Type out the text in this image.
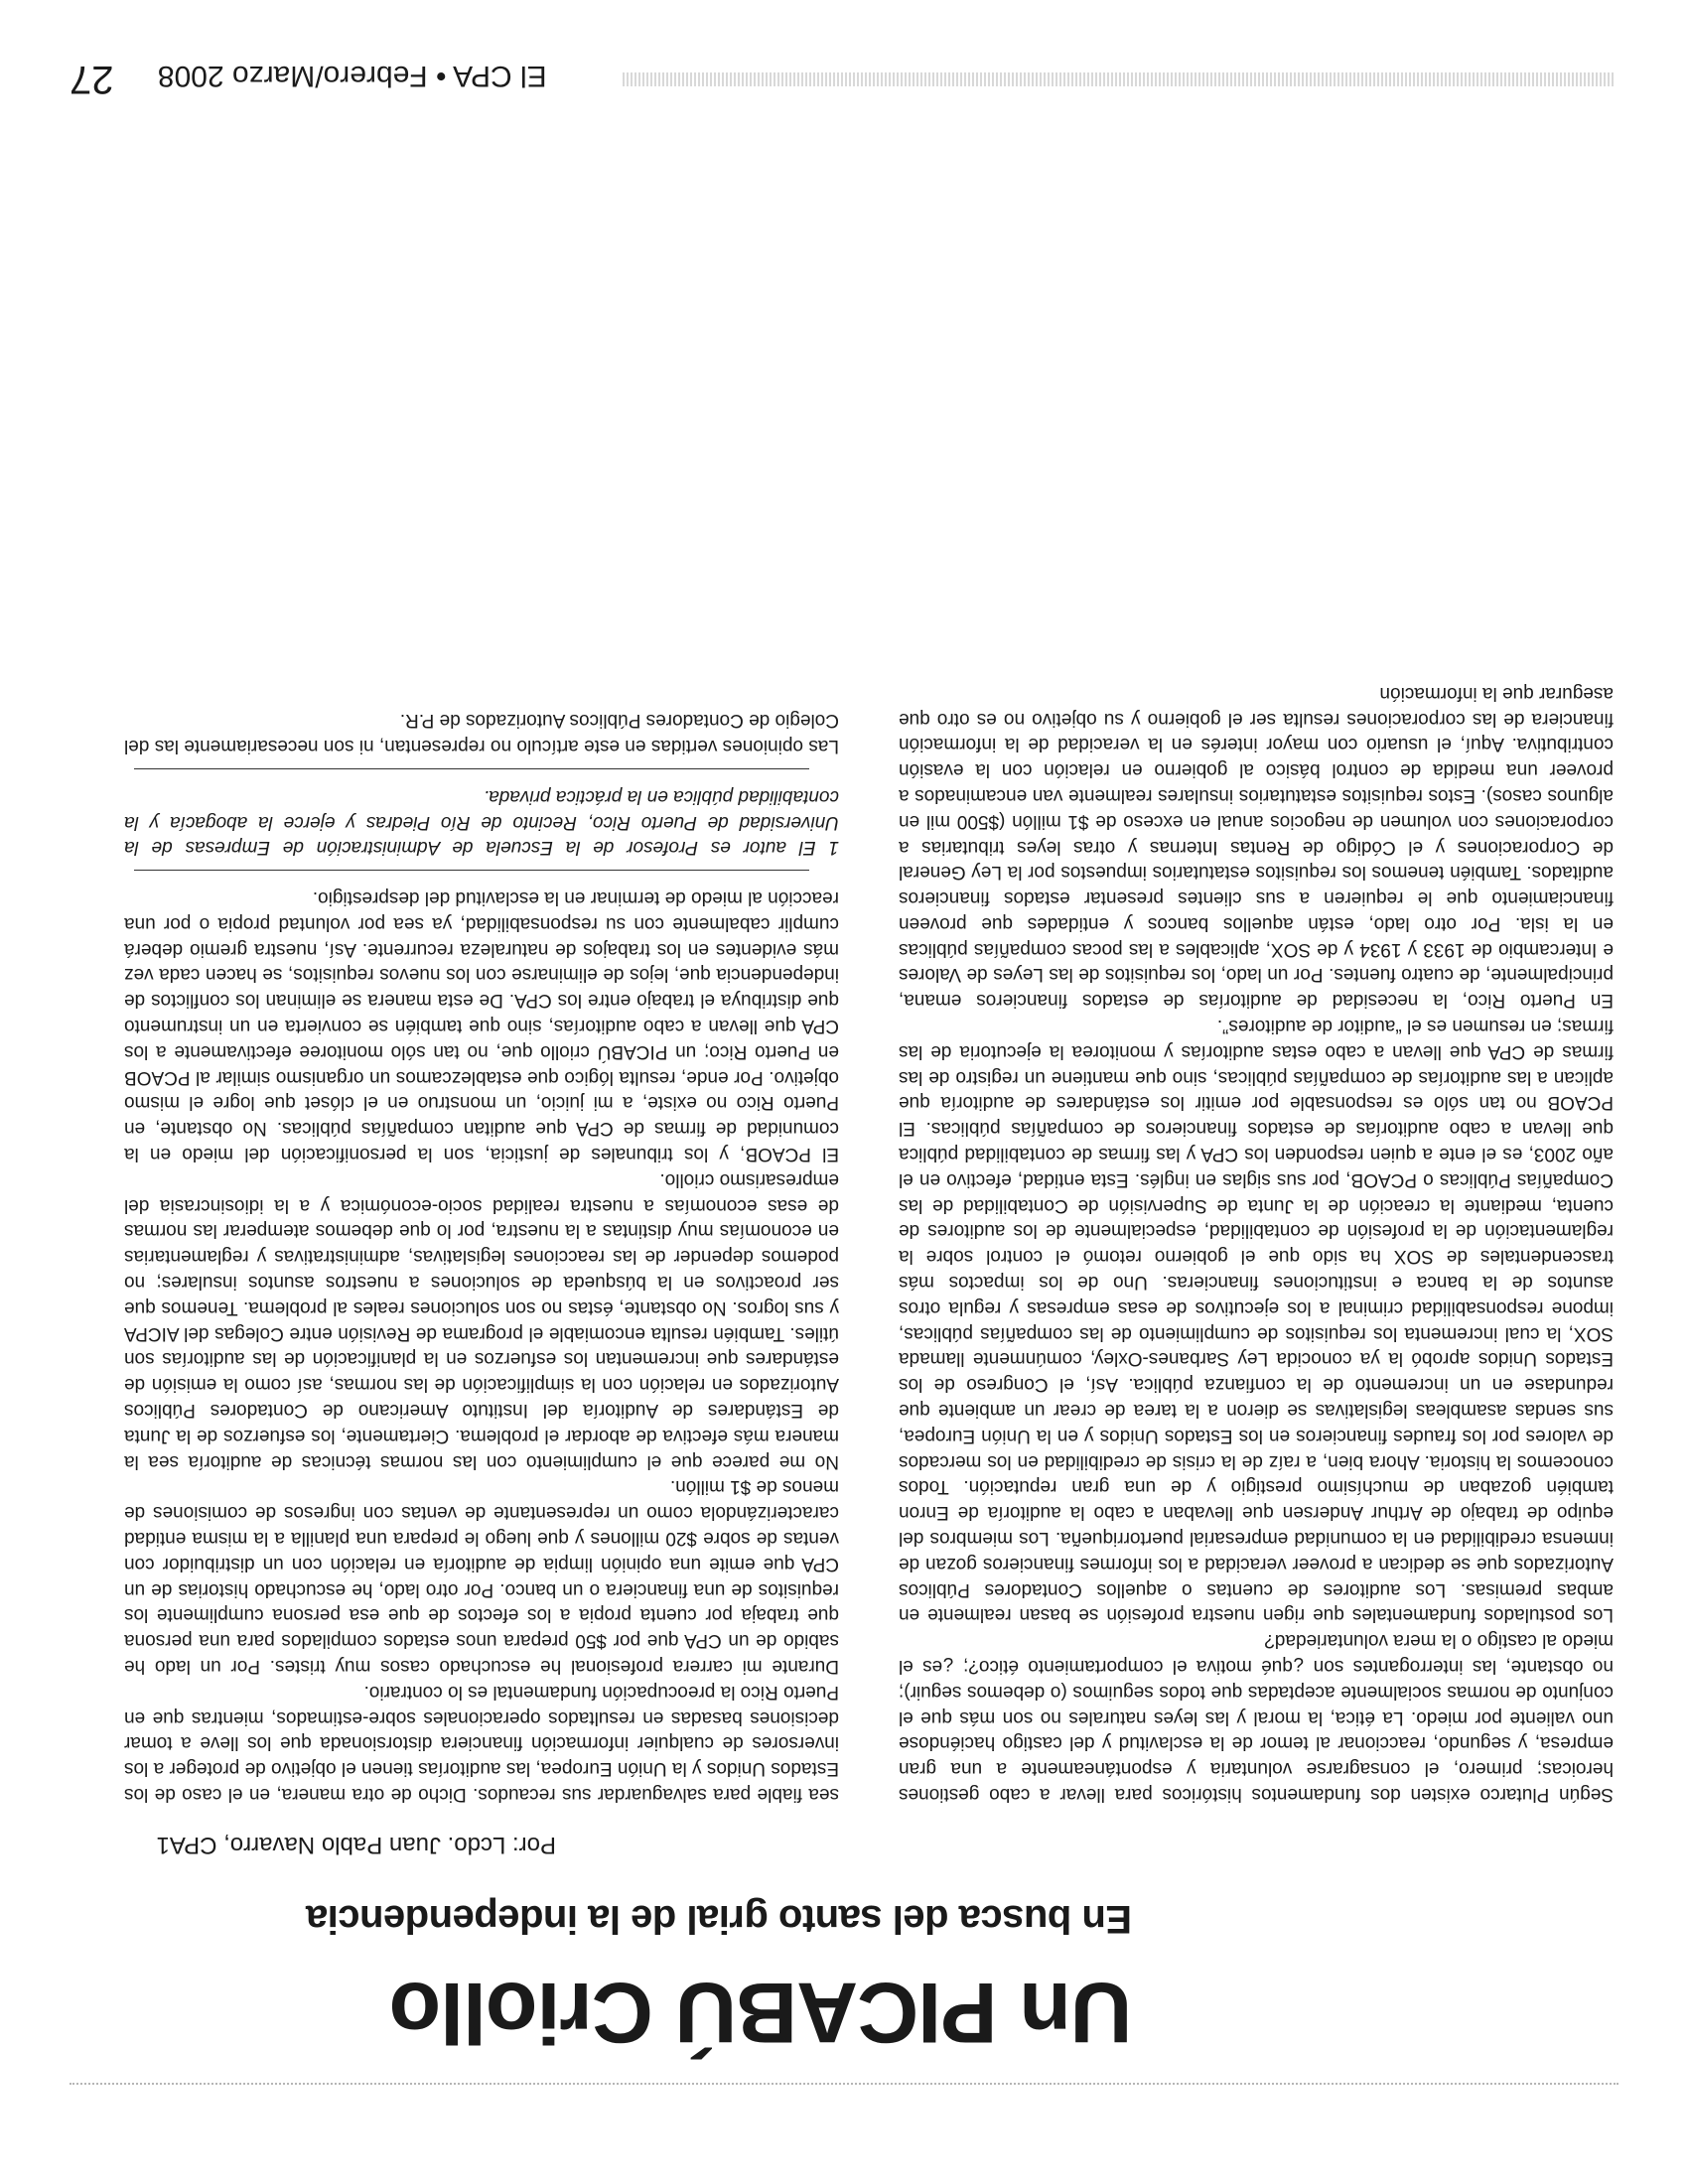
Un PICABÚ Criollo
En busca del santo grial de la independencia
Por: Lcdo. Juan Pablo Navarro, CPA1

Según Plutarco existen dos fundamentos históricos para llevar a cabo gestiones heroicas; primero, el consagrarse voluntaria y espontáneamente a una gran empresa, y segundo, reaccionar al temor de la esclavitud y del castigo haciéndose uno valiente por miedo. La ética, la moral y las leyes naturales no son más que el conjunto de normas socialmente aceptadas que todos seguimos (o debemos seguir); no obstante, las interrogantes son ¿qué motiva el comportamiento ético?; ¿es el miedo al castigo o la mera voluntariedad?

Los postulados fundamentales que rigen nuestra profesión se basan realmente en ambas premisas. Los auditores de cuentas o aquellos Contadores Públicos Autorizados que se dedican a proveer veracidad a los informes financieros gozan de inmensa credibilidad en la comunidad empresarial puertorriqueña. Los miembros del equipo de trabajo de Arthur Andersen que llevaban a cabo la auditoría de Enron también gozaban de muchísimo prestigio y de una gran reputación. Todos conocemos la historia. Ahora bien, a raíz de la crisis de credibilidad en los mercados de valores por los fraudes financieros en los Estados Unidos y en la Unión Europea, sus sendas asambleas legislativas se dieron a la tarea de crear un ambiente que redundase en un incremento de la confianza pública. Así, el Congreso de los Estados Unidos aprobó la ya conocida Ley Sarbanes-Oxley, comúnmente llamada SOX, la cual incrementa los requisitos de cumplimiento de las compañías públicas, impone responsabilidad criminal a los ejecutivos de esas empresas y regula otros asuntos de la banca e instituciones financieras. Uno de los impactos más trascendentales de SOX ha sido que el gobierno retomó el control sobre la reglamentación de la profesión de contabilidad, especialmente de los auditores de cuenta, mediante la creación de la Junta de Supervisión de Contabilidad de las Compañías Públicas o PCAOB, por sus siglas en inglés. Esta entidad, efectivo en el año 2003, es el ente a quien responden los CPA y las firmas de contabilidad pública que llevan a cabo auditorías de estados financieros de compañías públicas. El PCAOB no tan sólo es responsable por emitir los estándares de auditoría que aplican a las auditorías de compañías públicas, sino que mantiene un registro de las firmas de CPA que llevan a cabo estas auditorías y monitorea la ejecutoria de las firmas; en resumen es el “auditor de auditores”.

En Puerto Rico, la necesidad de auditorías de estados financieros emana, principalmente, de cuatro fuentes. Por un lado, los requisitos de las Leyes de Valores e Intercambio de 1933 y 1934 y de SOX, aplicables a las pocas compañías públicas en la isla. Por otro lado, están aquellos bancos y entidades que proveen financiamiento que le requieren a sus clientes presentar estados financieros auditados. También tenemos los requisitos estatutarios impuestos por la Ley General de Corporaciones y el Código de Rentas Internas y otras leyes tributarias a corporaciones con volumen de negocios anual en exceso de $1 millón ($500 mil en algunos casos). Estos requisitos estatutarios insulares realmente van encaminados a proveer una medida de control básico al gobierno en relación con la evasión contributiva. Aquí, el usuario con mayor interés en la veracidad de la información financiera de las corporaciones resulta ser el gobierno y su objetivo no es otro que asegurar que la información

sea fiable para salvaguardar sus recaudos. Dicho de otra manera, en el caso de los Estados Unidos y la Unión Europea, las auditorías tienen el objetivo de proteger a los inversores de cualquier información financiera distorsionada que los lleve a tomar decisiones basadas en resultados operacionales sobre-estimados, mientras que en Puerto Rico la preocupación fundamental es lo contrario.

Durante mi carrera profesional he escuchado casos muy tristes. Por un lado he sabido de un CPA que por $50 prepara unos estados compilados para una persona que trabaja por cuenta propia a los efectos de que esa persona cumplimente los requisitos de una financiera o un banco. Por otro lado, he escuchado historias de un CPA que emite una opinión limpia de auditoría en relación con un distribuidor con ventas de sobre $20 millones y que luego le prepara una planilla a la misma entidad caracterizándola como un representante de ventas con ingresos de comisiones de menos de $1 millón.

No me parece que el cumplimiento con las normas técnicas de auditoría sea la manera más efectiva de abordar el problema. Ciertamente, los esfuerzos de la Junta de Estándares de Auditoría del Instituto Americano de Contadores Públicos Autorizados en relación con la simplificación de las normas, así como la emisión de estándares que incrementan los esfuerzos en la planificación de las auditorías son útiles. También resulta encomiable el programa de Revisión entre Colegas del AICPA y sus logros. No obstante, éstas no son soluciones reales al problema. Tenemos que ser proactivos en la búsqueda de soluciones a nuestros asuntos insulares; no podemos depender de las reacciones legislativas, administrativas y reglamentarias en economías muy distintas a la nuestra, por lo que debemos atemperar las normas de esas economías a nuestra realidad socio-económica y a la idiosincrasia del empresarismo criollo.

El PCAOB, y los tribunales de justicia, son la personificación del miedo en la comunidad de firmas de CPA que auditan compañías públicas. No obstante, en Puerto Rico no existe, a mi juicio, un monstruo en el clóset que logre el mismo objetivo. Por ende, resulta lógico que establezcamos un organismo similar al PCAOB en Puerto Rico; un PICABÚ criollo que, no tan sólo monitoree efectivamente a los CPA que llevan a cabo auditorías, sino que también se convierta en un instrumento que distribuya el trabajo entre los CPA. De esta manera se eliminan los conflictos de independencia que, lejos de eliminarse con los nuevos requisitos, se hacen cada vez más evidentes en los trabajos de naturaleza recurrente. Así, nuestra gremio deberá cumplir cabalmente con su responsabilidad, ya sea por voluntad propia o por una reacción al miedo de terminar en la esclavitud del desprestigio.

1 El autor es Profesor de la Escuela de Administración de Empresas de la Universidad de Puerto Rico, Recinto de Río Piedras y ejerce la abogacía y la contabilidad pública en la práctica privada.

Las opiniones vertidas en este artículo no representan, ni son necesariamente las del Colegio de Contadores Públicos Autorizados de P.R.

El CPA • Febrero/Marzo 2008 27
